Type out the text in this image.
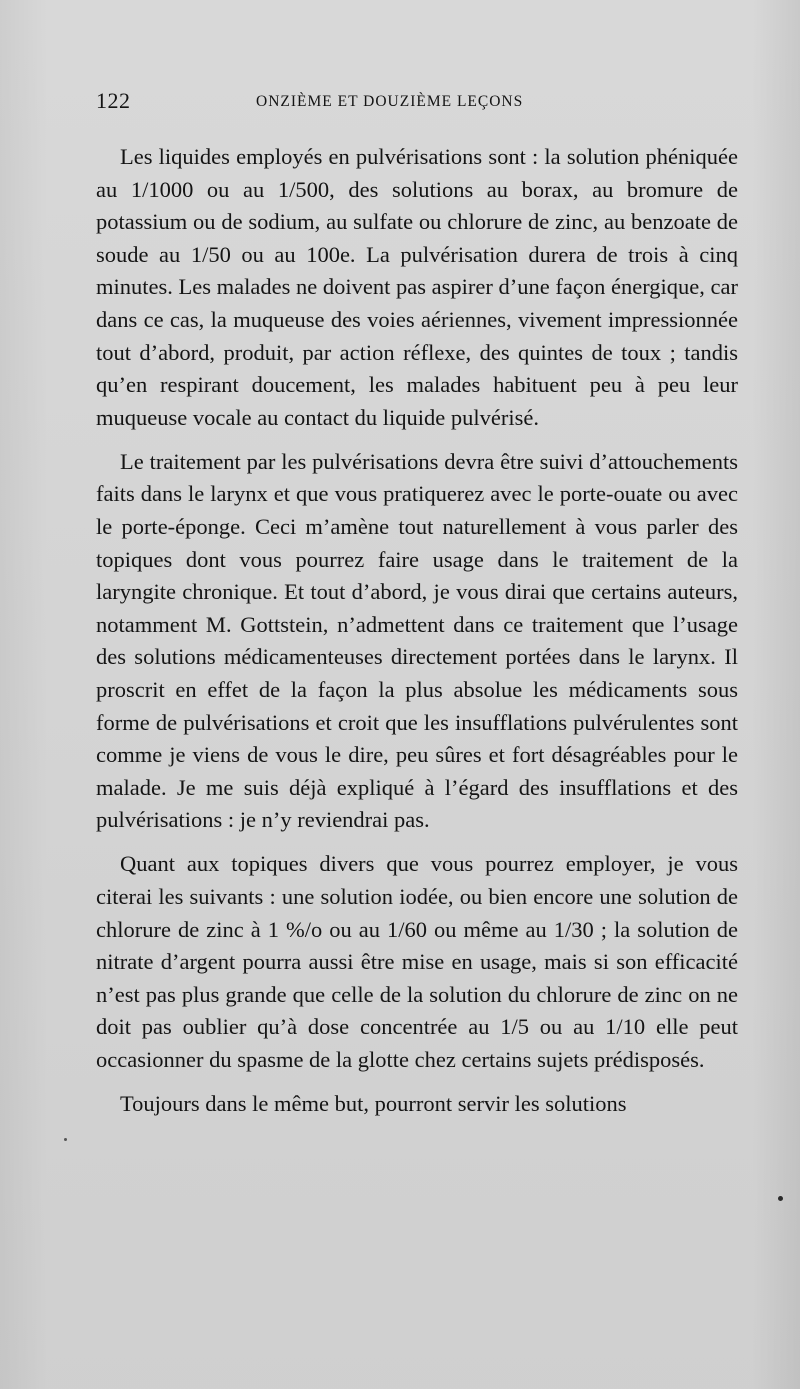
122	ONZIÈME ET DOUZIÈME LEÇONS

Les liquides employés en pulvérisations sont : la solution phéniquée au 1/1000 ou au 1/500, des solutions au borax, au bromure de potassium ou de sodium, au sulfate ou chlorure de zinc, au benzoate de soude au 1/50 ou au 100e. La pulvérisation durera de trois à cinq minutes. Les malades ne doivent pas aspirer d’une façon énergique, car dans ce cas, la muqueuse des voies aériennes, vivement impressionnée tout d’abord, produit, par action réflexe, des quintes de toux ; tandis qu’en respirant doucement, les malades habituent peu à peu leur muqueuse vocale au contact du liquide pulvérisé.

Le traitement par les pulvérisations devra être suivi d’attouchements faits dans le larynx et que vous pratiquerez avec le porte-ouate ou avec le porte-éponge. Ceci m’amène tout naturellement à vous parler des topiques dont vous pourrez faire usage dans le traitement de la laryngite chronique. Et tout d’abord, je vous dirai que certains auteurs, notamment M. Gottstein, n’admettent dans ce traitement que l’usage des solutions médicamenteuses directement portées dans le larynx. Il proscrit en effet de la façon la plus absolue les médicaments sous forme de pulvérisations et croit que les insufflations pulvérulentes sont comme je viens de vous le dire, peu sûres et fort désagréables pour le malade. Je me suis déjà expliqué à l’égard des insufflations et des pulvérisations : je n’y reviendrai pas.

Quant aux topiques divers que vous pourrez employer, je vous citerai les suivants : une solution iodée, ou bien encore une solution de chlorure de zinc à 1 %/o ou au 1/60 ou même au 1/30 ; la solution de nitrate d’argent pourra aussi être mise en usage, mais si son efficacité n’est pas plus grande que celle de la solution du chlorure de zinc on ne doit pas oublier qu’à dose concentrée au 1/5 ou au 1/10 elle peut occasionner du spasme de la glotte chez certains sujets prédisposés.

Toujours dans le même but, pourront servir les solutions
